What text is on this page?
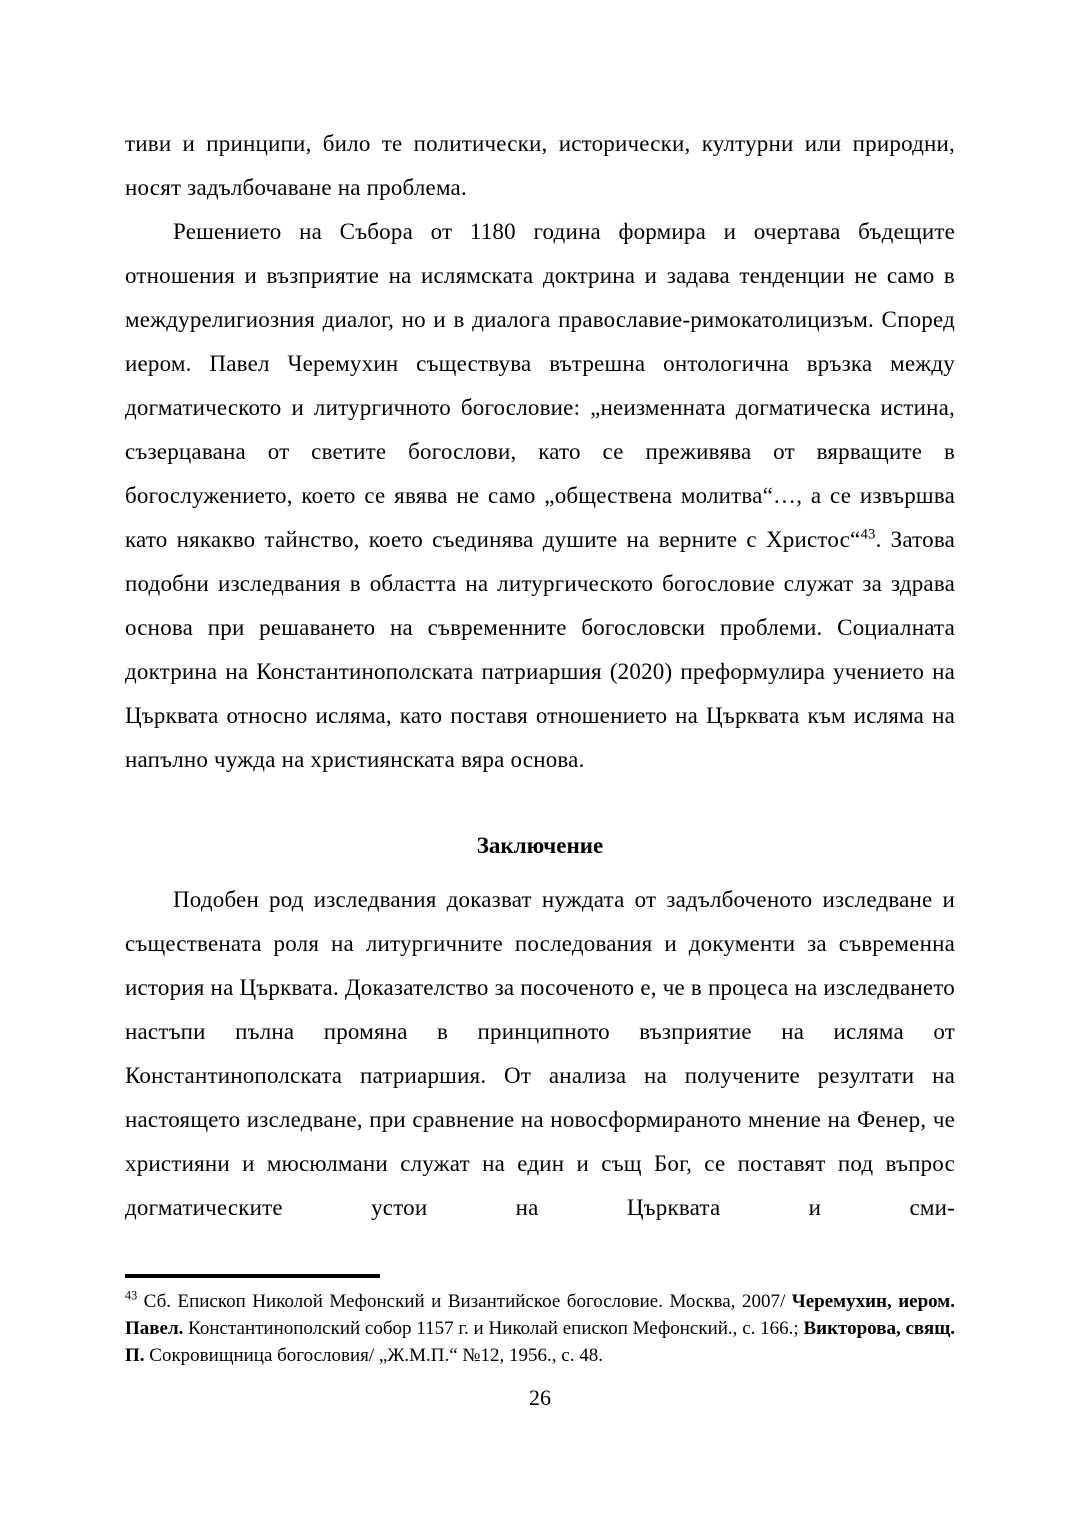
тиви и принципи, било те политически, исторически, културни или природни, носят задълбочаване на проблема.

Решението на Събора от 1180 година формира и очертава бъдещите отношения и възприятие на ислямската доктрина и задава тенденции не само в междурелигиозния диалог, но и в диалога православие-римокатолицизъм. Според иером. Павел Черемухин съществува вътрешна онтологична връзка между догматическото и литургичното богословие: „неизменната догматическа истина, съзерцавана от светите богослови, като се преживява от вярващите в богослужението, което се явява не само „обществена молитва“…, а се извършва като някакво тайнство, което съединява душите на верните с Христос“$^{43}$. Затова подобни изследвания в областта на литургическото богословие служат за здрава основа при решаването на съвременните богословски проблеми. Социалната доктрина на Константинополската патриаршия (2020) преформулира учението на Църквата относно исляма, като поставя отношението на Църквата към исляма на напълно чужда на християнската вяра основа.

Заключение

Подобен род изследвания доказват нуждата от задълбоченото изследване и съществената роля на литургичните последования и документи за съвременна история на Църквата. Доказателство за посоченото е, че в процеса на изследването настъпи пълна промяна в принципното възприятие на исляма от Константинополската патриаршия. От анализа на получените резултати на настоящето изследване, при сравнение на новосформираното мнение на Фенер, че християни и мюсюлмани служат на един и същ Бог, се поставят под въпрос догматическите устои на Църквата и сми-

$^{43}$ Сб. Епископ Николой Мефонский и Византийское богословие. Москва, 2007/ Черемухин, иером. Павел. Константинополский собор 1157 г. и Николай епископ Мефонский., с. 166.; Викторова, свящ. П. Сокровищница богословия/ „Ж.М.П.“ №12, 1956., с. 48.

26
